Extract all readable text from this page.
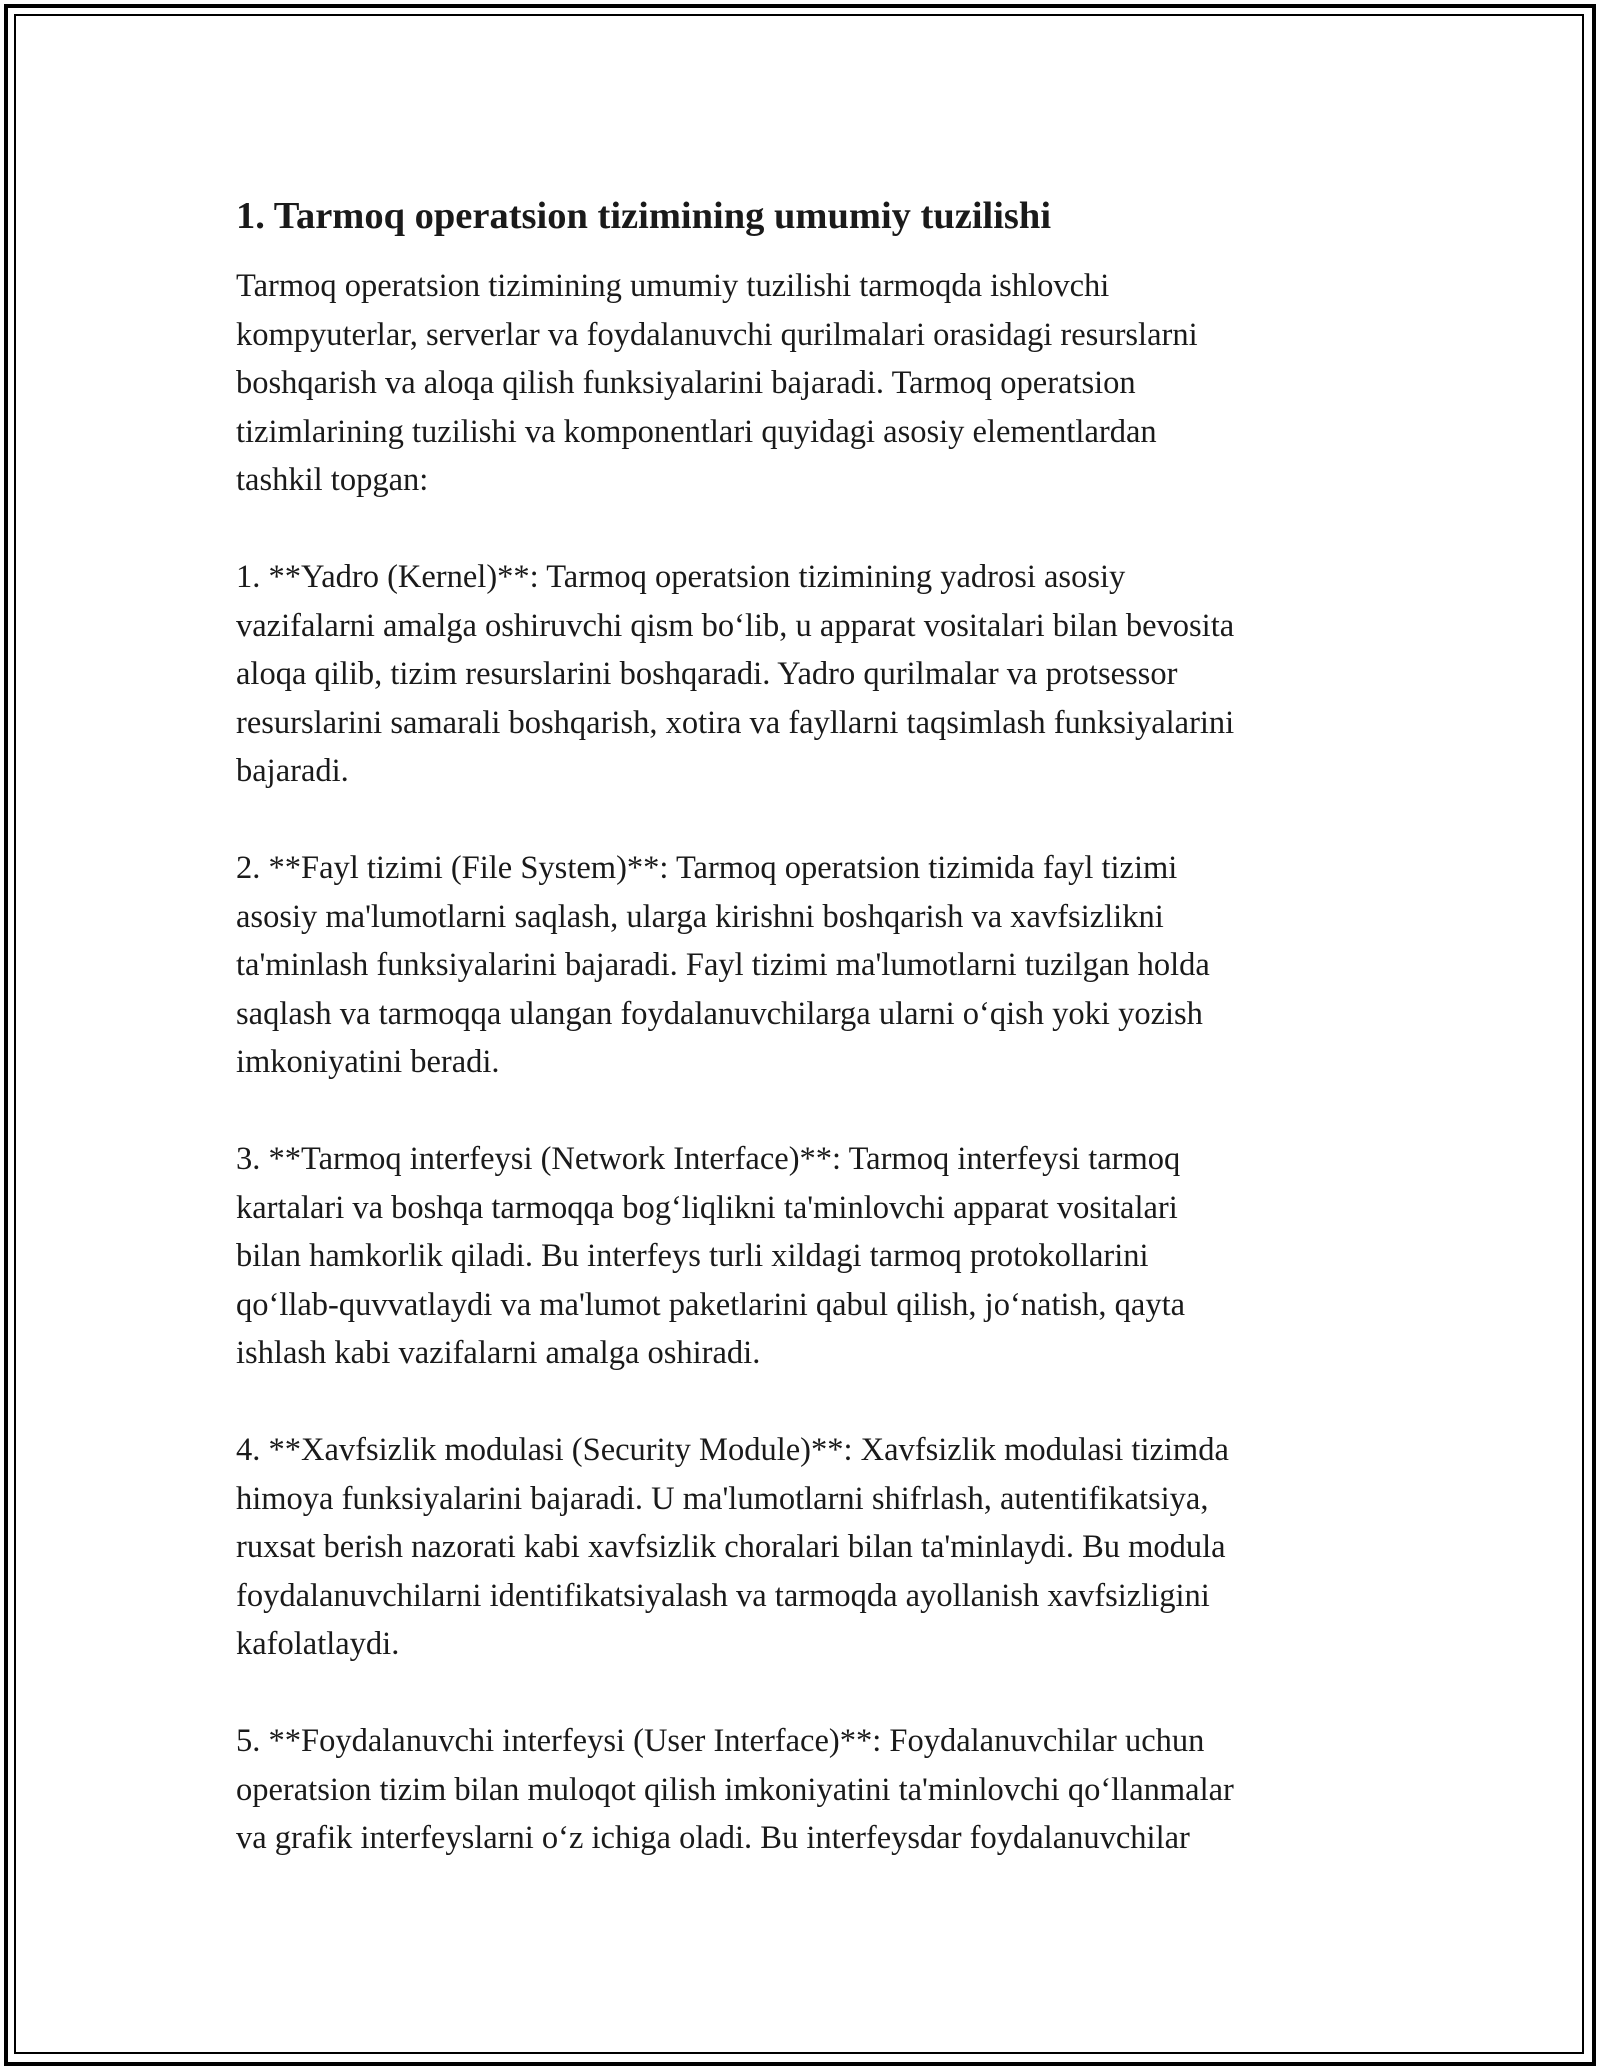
1. Tarmoq operatsion tizimining umumiy tuzilishi
Tarmoq operatsion tizimining umumiy tuzilishi tarmoqda ishlovchi
kompyuterlar, serverlar va foydalanuvchi qurilmalari orasidagi resurslarni
boshqarish va aloqa qilish funksiyalarini bajaradi. Tarmoq operatsion
tizimlarining tuzilishi va komponentlari quyidagi asosiy elementlardan
tashkil topgan:
1. **Yadro (Kernel)**: Tarmoq operatsion tizimining yadrosi asosiy
vazifalarni amalga oshiruvchi qism boʻlib, u apparat vositalari bilan bevosita
aloqa qilib, tizim resurslarini boshqaradi. Yadro qurilmalar va protsessor
resurslarini samarali boshqarish, xotira va fayllarni taqsimlash funksiyalarini
bajaradi.
2. **Fayl tizimi (File System)**: Tarmoq operatsion tizimida fayl tizimi
asosiy ma'lumotlarni saqlash, ularga kirishni boshqarish va xavfsizlikni
ta'minlash funksiyalarini bajaradi. Fayl tizimi ma'lumotlarni tuzilgan holda
saqlash va tarmoqqa ulangan foydalanuvchilarga ularni oʻqish yoki yozish
imkoniyatini beradi.
3. **Tarmoq interfeysi (Network Interface)**: Tarmoq interfeysi tarmoq
kartalari va boshqa tarmoqqa bogʻliqlikni ta'minlovchi apparat vositalari
bilan hamkorlik qiladi. Bu interfeys turli xildagi tarmoq protokollarini
qoʻllab-quvvatlaydi va ma'lumot paketlarini qabul qilish, joʻnatish, qayta
ishlash kabi vazifalarni amalga oshiradi.
4. **Xavfsizlik modulasi (Security Module)**: Xavfsizlik modulasi tizimda
himoya funksiyalarini bajaradi. U ma'lumotlarni shifrlash, autentifikatsiya,
ruxsat berish nazorati kabi xavfsizlik choralari bilan ta'minlaydi. Bu modula
foydalanuvchilarni identifikatsiyalash va tarmoqda ayollanish xavfsizligini
kafolatlaydi.
5. **Foydalanuvchi interfeysi (User Interface)**: Foydalanuvchilar uchun
operatsion tizim bilan muloqot qilish imkoniyatini ta'minlovchi qoʻllanmalar
va grafik interfeyslarni oʻz ichiga oladi. Bu interfeysdar foydalanuvchilar
